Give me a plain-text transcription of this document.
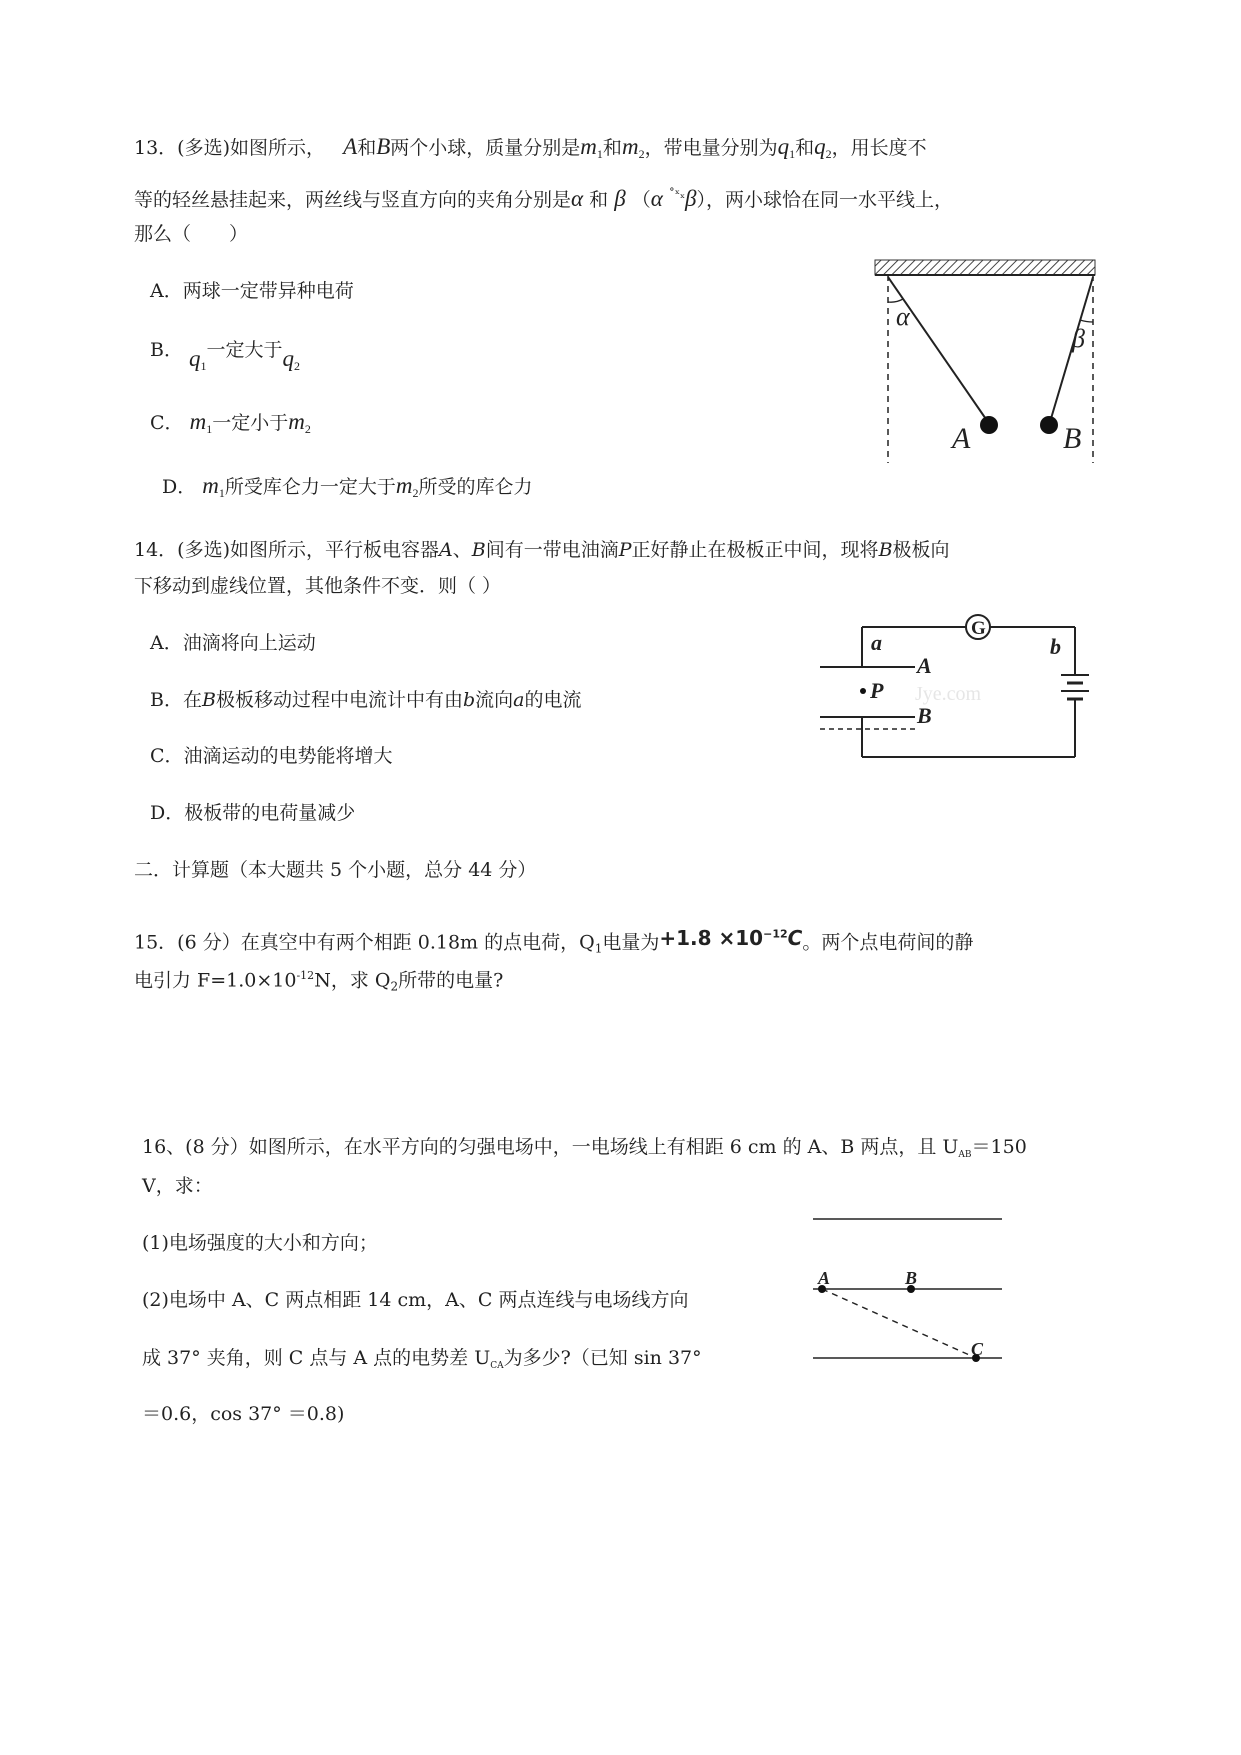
13．(多选)如图所示， A和B两个小球，质量分别是$m_1$和$m_2$，带电量分别为$q_1$和$q_2$，用长度不
等的轻丝悬挂起来，两丝线与竖直方向的夹角分别是α 和 β （α $^{˚ˣ_x}$β），两小球恰在同一水平线上，
那么（　　）
A．两球一定带异种电荷
B． $q_1$一定大于$q_2$
C． $m_1$一定小于$m_2$
D． $m_1$所受库仑力一定大于$m_2$所受的库仑力
α
β
A	B
14．(多选)如图所示，平行板电容器A、B间有一带电油滴P正好静止在极板正中间，现将B极板向
下移动到虚线位置，其他条件不变．则（ ）
A．油滴将向上运动
B．在B极板移动过程中电流计中有由b流向a的电流
C．油滴运动的电势能将增大
D．极板带的电荷量减少
G
a	b
A
B
P Jye.com
二．计算题（本大题共 5 个小题，总分 44 分）
15．(6 分）在真空中有两个相距 0.18m 的点电荷，$Q_1$电量为$+1.8 \times 10^{-12}C$。两个点电荷间的静
电引力 $F=1.0\times 10^{-12}N$，求 $Q_2$所带的电量?
16、(8 分）如图所示，在水平方向的匀强电场中，一电场线上有相距 6 cm 的 A、B 两点，且 $U_{AB}=150$
V，求：
(1)电场强度的大小和方向；
(2)电场中 A、C 两点相距 14 cm，A、C 两点连线与电场线方向
成 37° 夹角，则 C 点与 A 点的电势差 $U_{CA}$为多少?（已知 sin 37°
＝0.6，cos 37° ＝0.8)
A	B
C
